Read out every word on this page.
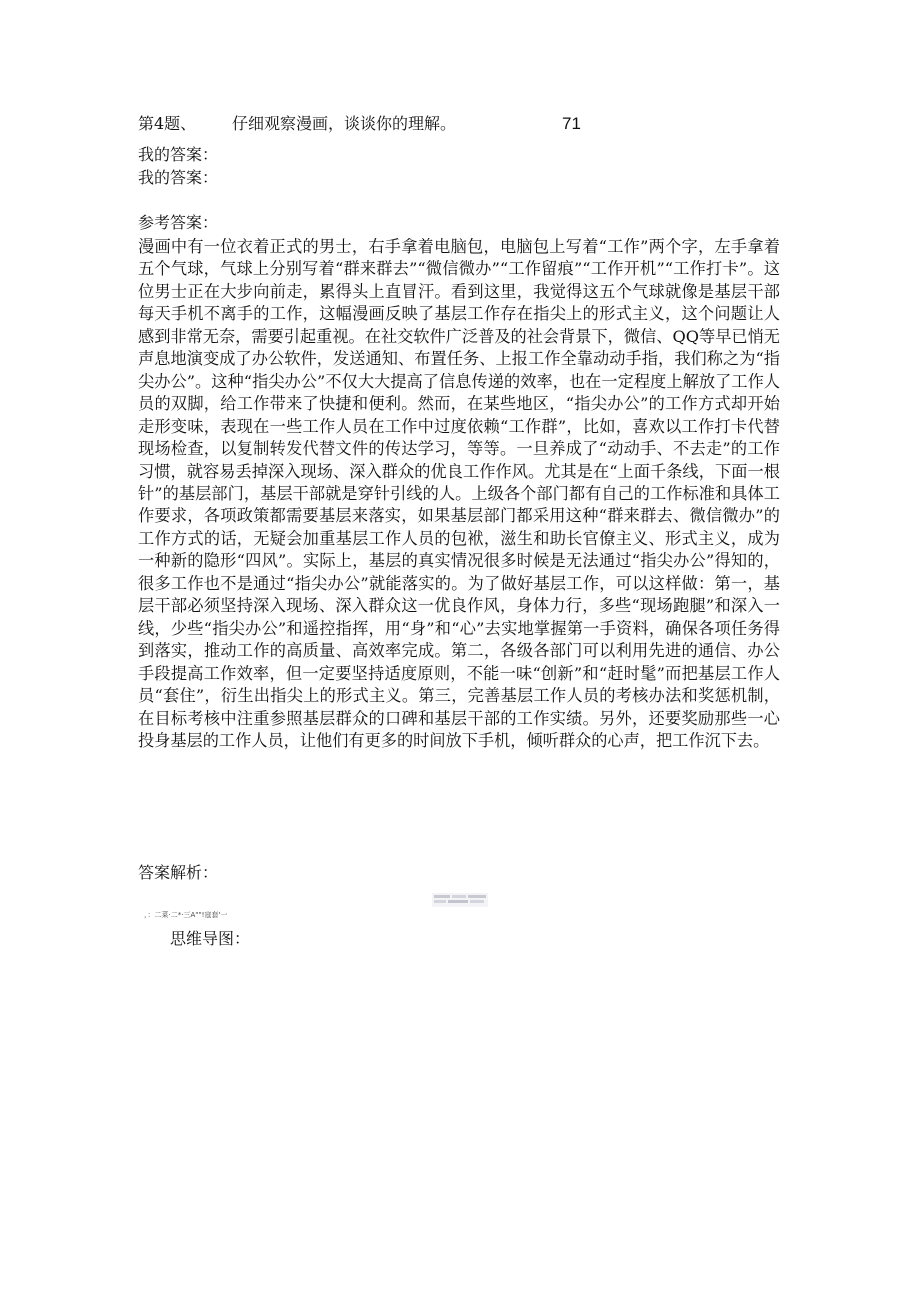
第4题、 仔细观察漫画，谈谈你的理解。	71
我的答案：
我的答案：
参考答案：

漫画中有一位衣着正式的男士，右手拿着电脑包，电脑包上写着“工作”两个字，左手拿着五个气球，气球上分别写着“群来群去”“微信微办”“工作留痕”“工作开机”“工作打卡”。这位男士正在大步向前走，累得头上直冒汗。看到这里，我觉得这五个气球就像是基层干部每天手机不离手的工作，这幅漫画反映了基层工作存在指尖上的形式主义，这个问题让人感到非常无奈，需要引起重视。在社交软件广泛普及的社会背景下，微信、QQ等早已悄无声息地演变成了办公软件，发送通知、布置任务、上报工作全靠动动手指，我们称之为“指尖办公”。这种“指尖办公”不仅大大提高了信息传递的效率，也在一定程度上解放了工作人员的双脚，给工作带来了快捷和便利。然而，在某些地区，“指尖办公”的工作方式却开始走形变味，表现在一些工作人员在工作中过度依赖“工作群”，比如，喜欢以工作打卡代替现场检查，以复制转发代替文件的传达学习，等等。一旦养成了“动动手、不去走”的工作习惯，就容易丢掉深入现场、深入群众的优良工作作风。尤其是在“上面千条线，下面一根针”的基层部门，基层干部就是穿针引线的人。上级各个部门都有自己的工作标准和具体工作要求，各项政策都需要基层来落实，如果基层部门都采用这种“群来群去、微信微办”的工作方式的话，无疑会加重基层工作人员的包袱，滋生和助长官僚主义、形式主义，成为一种新的隐形“四风”。实际上，基层的真实情况很多时候是无法通过“指尖办公”得知的，很多工作也不是通过“指尖办公”就能落实的。为了做好基层工作，可以这样做：第一，基层干部必须坚持深入现场、深入群众这一优良作风，身体力行，多些“现场跑腿”和深入一线，少些“指尖办公”和遥控指挥，用“身”和“心”去实地掌握第一手资料，确保各项任务得到落实，推动工作的高质量、高效率完成。第二，各级各部门可以利用先进的通信、办公手段提高工作效率，但一定要坚持适度原则，不能一味“创新”和“赶时髦”而把基层工作人员“套住”，衍生出指尖上的形式主义。第三，完善基层工作人员的考核办法和奖惩机制，在目标考核中注重参照基层群众的口碑和基层干部的工作实绩。另外，还要奖励那些一心投身基层的工作人员，让他们有更多的时间放下手机，倾听群众的心声，把工作沉下去。

答案解析：
，：二菜·二*·三A""!寇套'一
思维导图：
